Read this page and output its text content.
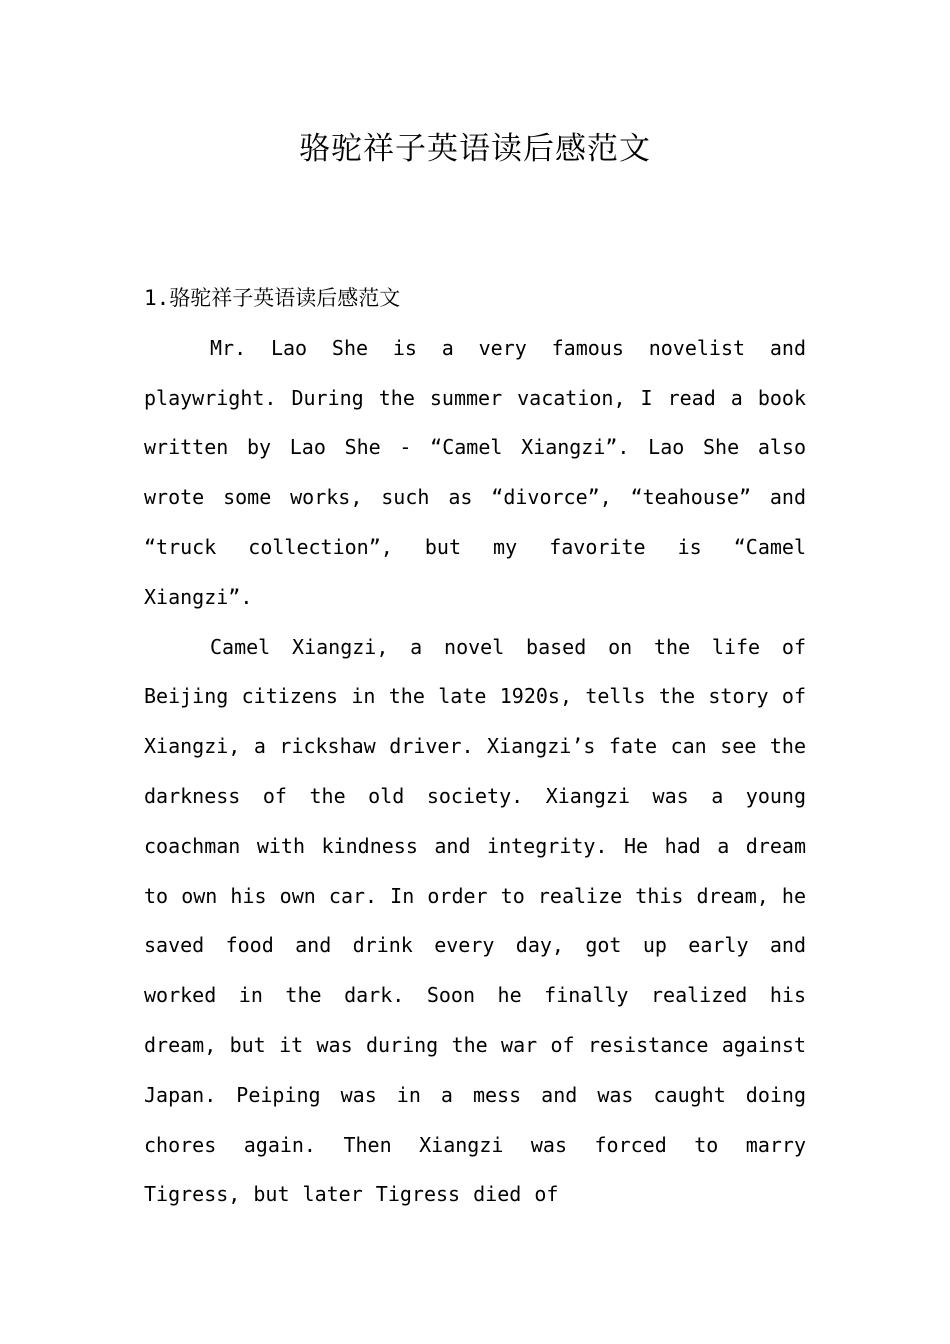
骆驼祥子英语读后感范文
1.骆驼祥子英语读后感范文

Mr. Lao She is a very famous novelist and playwright. During the summer vacation, I read a book written by Lao She - “Camel Xiangzi”. Lao She also wrote some works, such as “divorce”, “teahouse” and “truck collection”, but my favorite is “Camel Xiangzi”.

Camel Xiangzi, a novel based on the life of Beijing citizens in the late 1920s, tells the story of Xiangzi, a rickshaw driver. Xiangzi’s fate can see the darkness of the old society. Xiangzi was a young coachman with kindness and integrity. He had a dream to own his own car. In order to realize this dream, he saved food and drink every day, got up early and worked in the dark. Soon he finally realized his dream, but it was during the war of resistance against Japan. Peiping was in a mess and was caught doing chores again. Then Xiangzi was forced to marry Tigress, but later Tigress died of
